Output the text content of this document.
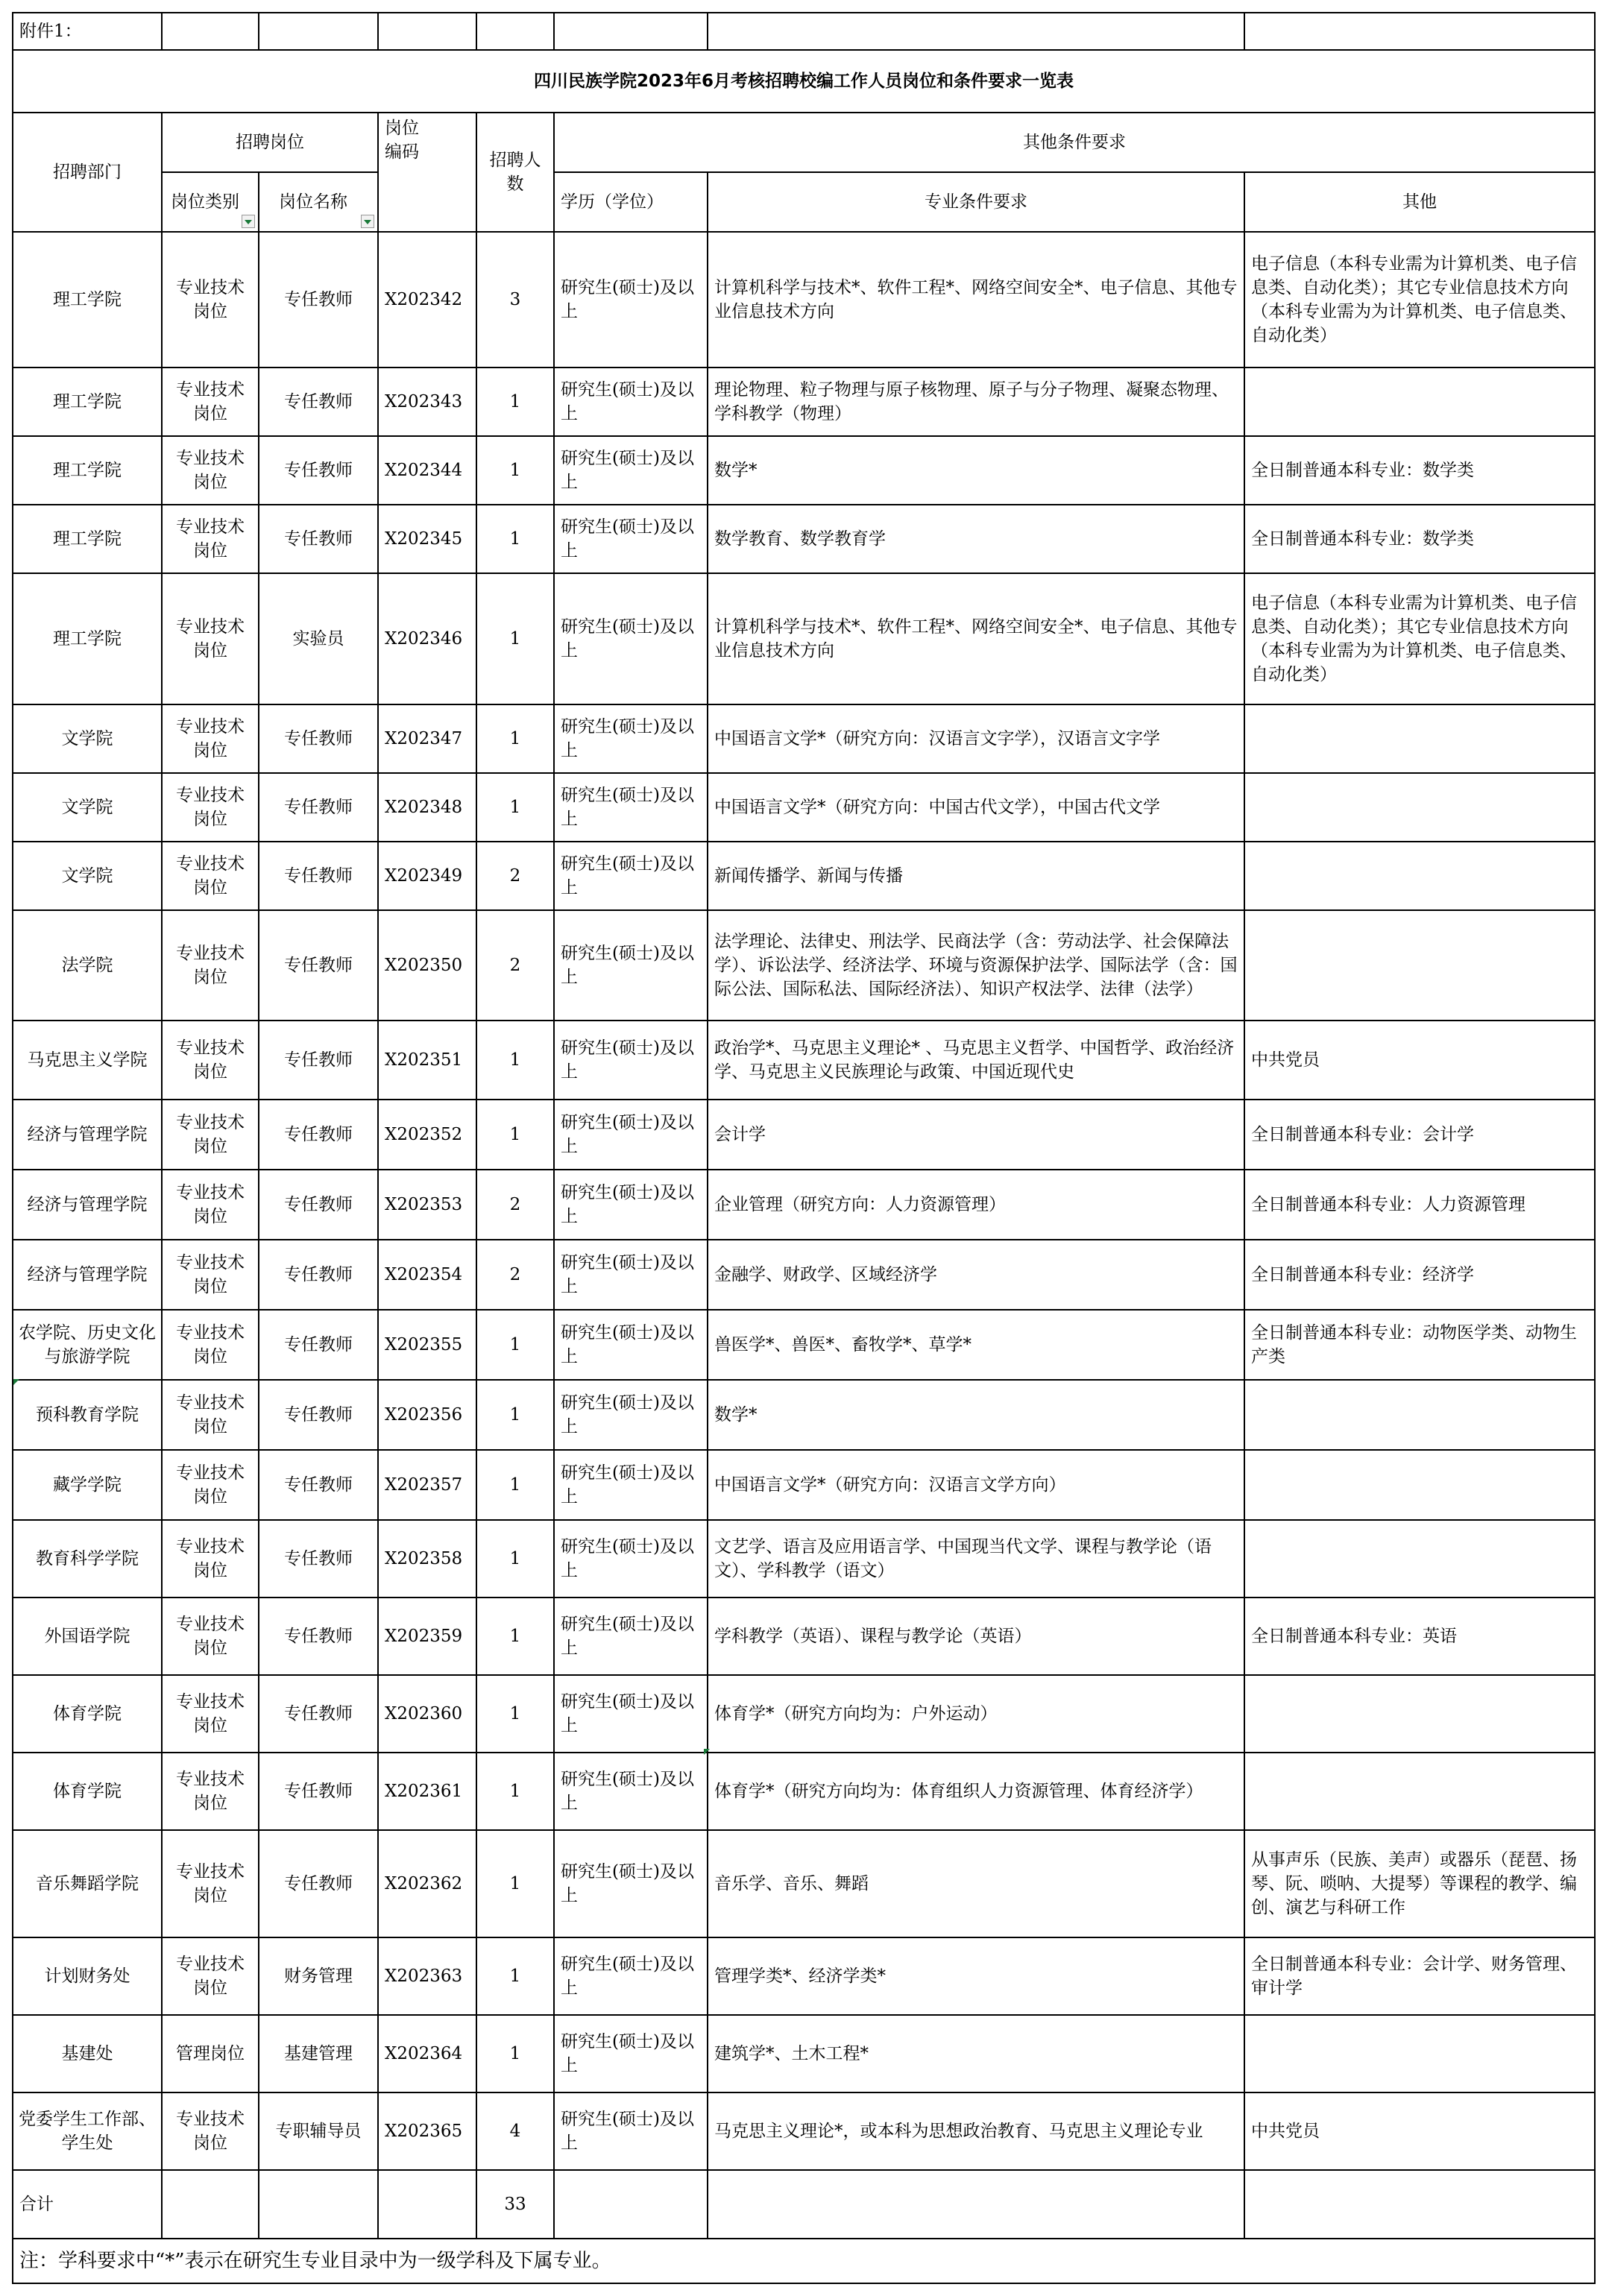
附件1：							
四川民族学院2023年6月考核招聘校编工作人员岗位和条件要求一览表							
招聘部门	招聘岗位		岗位编码	招聘人数	其他条件要求		
	岗位类别	岗位名称			学历（学位）	专业条件要求	其他
理工学院	专业技术岗位	专任教师	X202342	3	研究生(硕士)及以上	计算机科学与技术*、软件工程*、网络空间安全*、电子信息、其他专业信息技术方向	电子信息（本科专业需为计算机类、电子信息类、自动化类）；其它专业信息技术方向（本科专业需为为计算机类、电子信息类、自动化类）
理工学院	专业技术岗位	专任教师	X202343	1	研究生(硕士)及以上	理论物理、粒子物理与原子核物理、原子与分子物理、凝聚态物理、学科教学（物理）	
理工学院	专业技术岗位	专任教师	X202344	1	研究生(硕士)及以上	数学*	全日制普通本科专业：数学类
理工学院	专业技术岗位	专任教师	X202345	1	研究生(硕士)及以上	数学教育、数学教育学	全日制普通本科专业：数学类
理工学院	专业技术岗位	实验员	X202346	1	研究生(硕士)及以上	计算机科学与技术*、软件工程*、网络空间安全*、电子信息、其他专业信息技术方向	电子信息（本科专业需为计算机类、电子信息类、自动化类）；其它专业信息技术方向（本科专业需为为计算机类、电子信息类、自动化类）
文学院	专业技术岗位	专任教师	X202347	1	研究生(硕士)及以上	中国语言文学*（研究方向：汉语言文字学），汉语言文字学	
文学院	专业技术岗位	专任教师	X202348	1	研究生(硕士)及以上	中国语言文学*（研究方向：中国古代文学），中国古代文学	
文学院	专业技术岗位	专任教师	X202349	2	研究生(硕士)及以上	新闻传播学、新闻与传播	
法学院	专业技术岗位	专任教师	X202350	2	研究生(硕士)及以上	法学理论、法律史、刑法学、民商法学（含：劳动法学、社会保障法学）、诉讼法学、经济法学、环境与资源保护法学、国际法学（含：国际公法、国际私法、国际经济法）、知识产权法学、法律（法学）	
马克思主义学院	专业技术岗位	专任教师	X202351	1	研究生(硕士)及以上	政治学*、马克思主义理论* 、马克思主义哲学、中国哲学、政治经济学、马克思主义民族理论与政策、中国近现代史	中共党员
经济与管理学院	专业技术岗位	专任教师	X202352	1	研究生(硕士)及以上	会计学	全日制普通本科专业：会计学
经济与管理学院	专业技术岗位	专任教师	X202353	2	研究生(硕士)及以上	企业管理（研究方向：人力资源管理）	全日制普通本科专业：人力资源管理
经济与管理学院	专业技术岗位	专任教师	X202354	2	研究生(硕士)及以上	金融学、财政学、区域经济学	全日制普通本科专业：经济学
农学院、历史文化与旅游学院	专业技术岗位	专任教师	X202355	1	研究生(硕士)及以上	兽医学*、兽医*、畜牧学*、草学*	全日制普通本科专业：动物医学类、动物生产类
预科教育学院	专业技术岗位	专任教师	X202356	1	研究生(硕士)及以上	数学*	
藏学学院	专业技术岗位	专任教师	X202357	1	研究生(硕士)及以上	中国语言文学*（研究方向：汉语言文学方向）	
教育科学学院	专业技术岗位	专任教师	X202358	1	研究生(硕士)及以上	文艺学、语言及应用语言学、中国现当代文学、课程与教学论（语文）、学科教学（语文）	
外国语学院	专业技术岗位	专任教师	X202359	1	研究生(硕士)及以上	学科教学（英语）、课程与教学论（英语）	全日制普通本科专业：英语
体育学院	专业技术岗位	专任教师	X202360	1	研究生(硕士)及以上	体育学*（研究方向均为：户外运动）	
体育学院	专业技术岗位	专任教师	X202361	1	研究生(硕士)及以上	体育学*（研究方向均为：体育组织人力资源管理、体育经济学）	
音乐舞蹈学院	专业技术岗位	专任教师	X202362	1	研究生(硕士)及以上	音乐学、音乐、舞蹈	从事声乐（民族、美声）或器乐（琵琶、扬琴、阮、唢呐、大提琴）等课程的教学、编创、演艺与科研工作
计划财务处	专业技术岗位	财务管理	X202363	1	研究生(硕士)及以上	管理学类*、经济学类*	全日制普通本科专业：会计学、财务管理、审计学
基建处	管理岗位	基建管理	X202364	1	研究生(硕士)及以上	建筑学*、土木工程*	
党委学生工作部、学生处	专业技术岗位	专职辅导员	X202365	4	研究生(硕士)及以上	马克思主义理论*，或本科为思想政治教育、马克思主义理论专业	中共党员
合计				33			
注：学科要求中“*”表示在研究生专业目录中为一级学科及下属专业。							
